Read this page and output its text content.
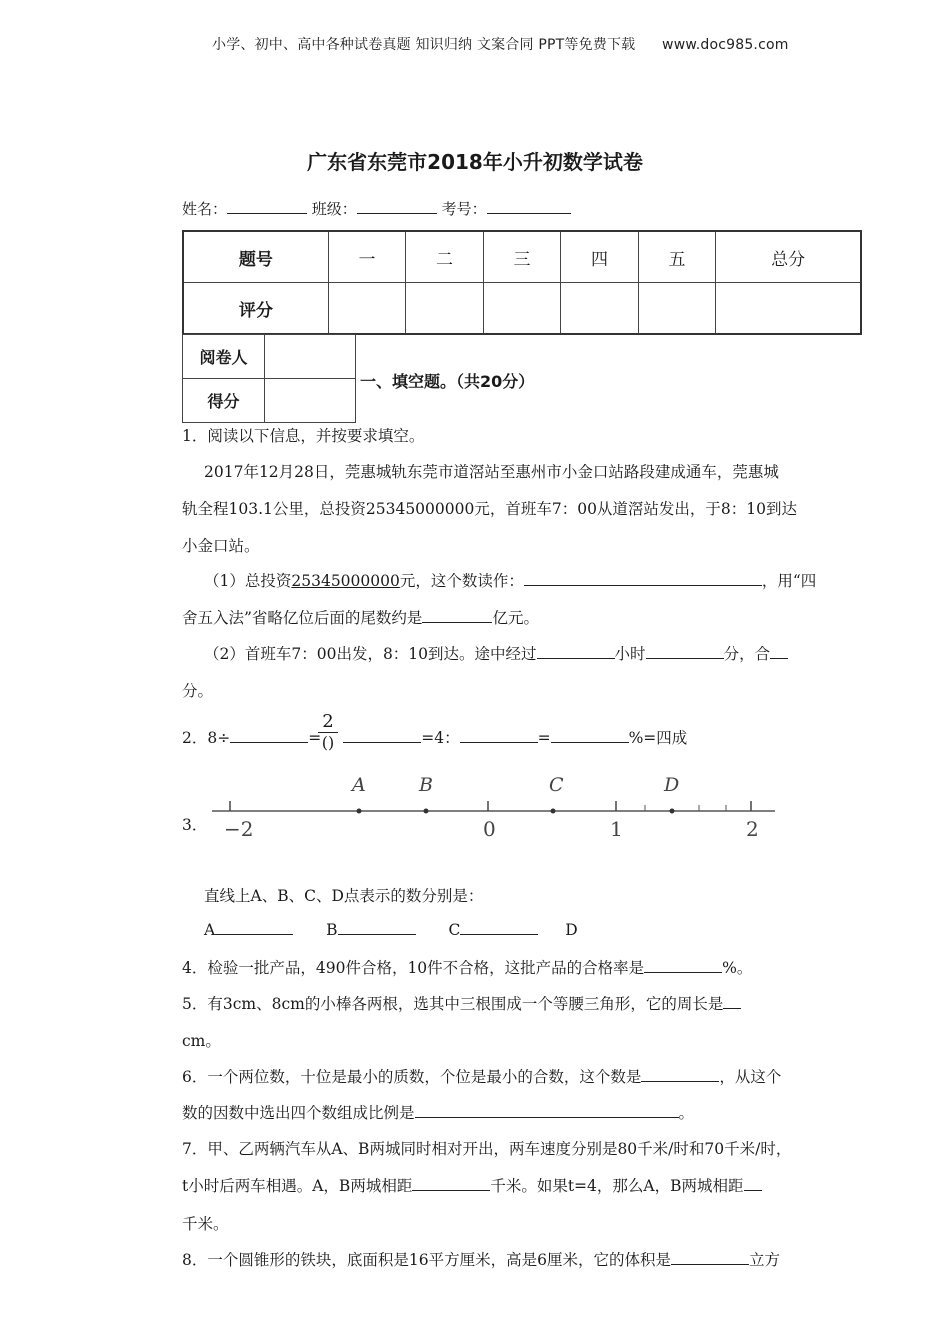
小学、初中、高中各种试卷真题 知识归纳 文案合同 PPT等免费下载 www.doc985.com
广东省东莞市2018年小升初数学试卷
姓名：	班级：	考号：
题号	一	二	三	四	五	总分
评分						
阅卷人	
得分	
一、填空题。（共20分）
1．阅读以下信息，并按要求填空。
2017年12月28日，莞惠城轨东莞市道滘站至惠州市小金口站路段建成通车，莞惠城
轨全程103.1公里，总投资25345000000元，首班车7：00从道滘站发出，于8：10到达
小金口站。
（1）总投资25345000000元，这个数读作：	，用“四
舍五入法”省略亿位后面的尾数约是	亿元。
（2）首班车7：00出发，8：10到达。途中经过	小时	分，合
分。
2．8÷	=	=4：	=	%=四成
2
()
3． −2	0	1	2
A	B	C	D
直线上A、B、C、D点表示的数分别是：
A	B	C	D
4．检验一批产品，490件合格，10件不合格，这批产品的合格率是	%。
5．有3cm、8cm的小棒各两根，选其中三根围成一个等腰三角形，它的周长是
cm。
6．一个两位数，十位是最小的质数，个位是最小的合数，这个数是	，从这个
数的因数中选出四个数组成比例是	。
7．甲、乙两辆汽车从A、B两城同时相对开出，两车速度分别是80千米/时和70千米/时，
t小时后两车相遇。A，B两城相距	千米。如果t=4，那么A，B两城相距
千米。
8．一个圆锥形的铁块，底面积是16平方厘米，高是6厘米，它的体积是	立方
